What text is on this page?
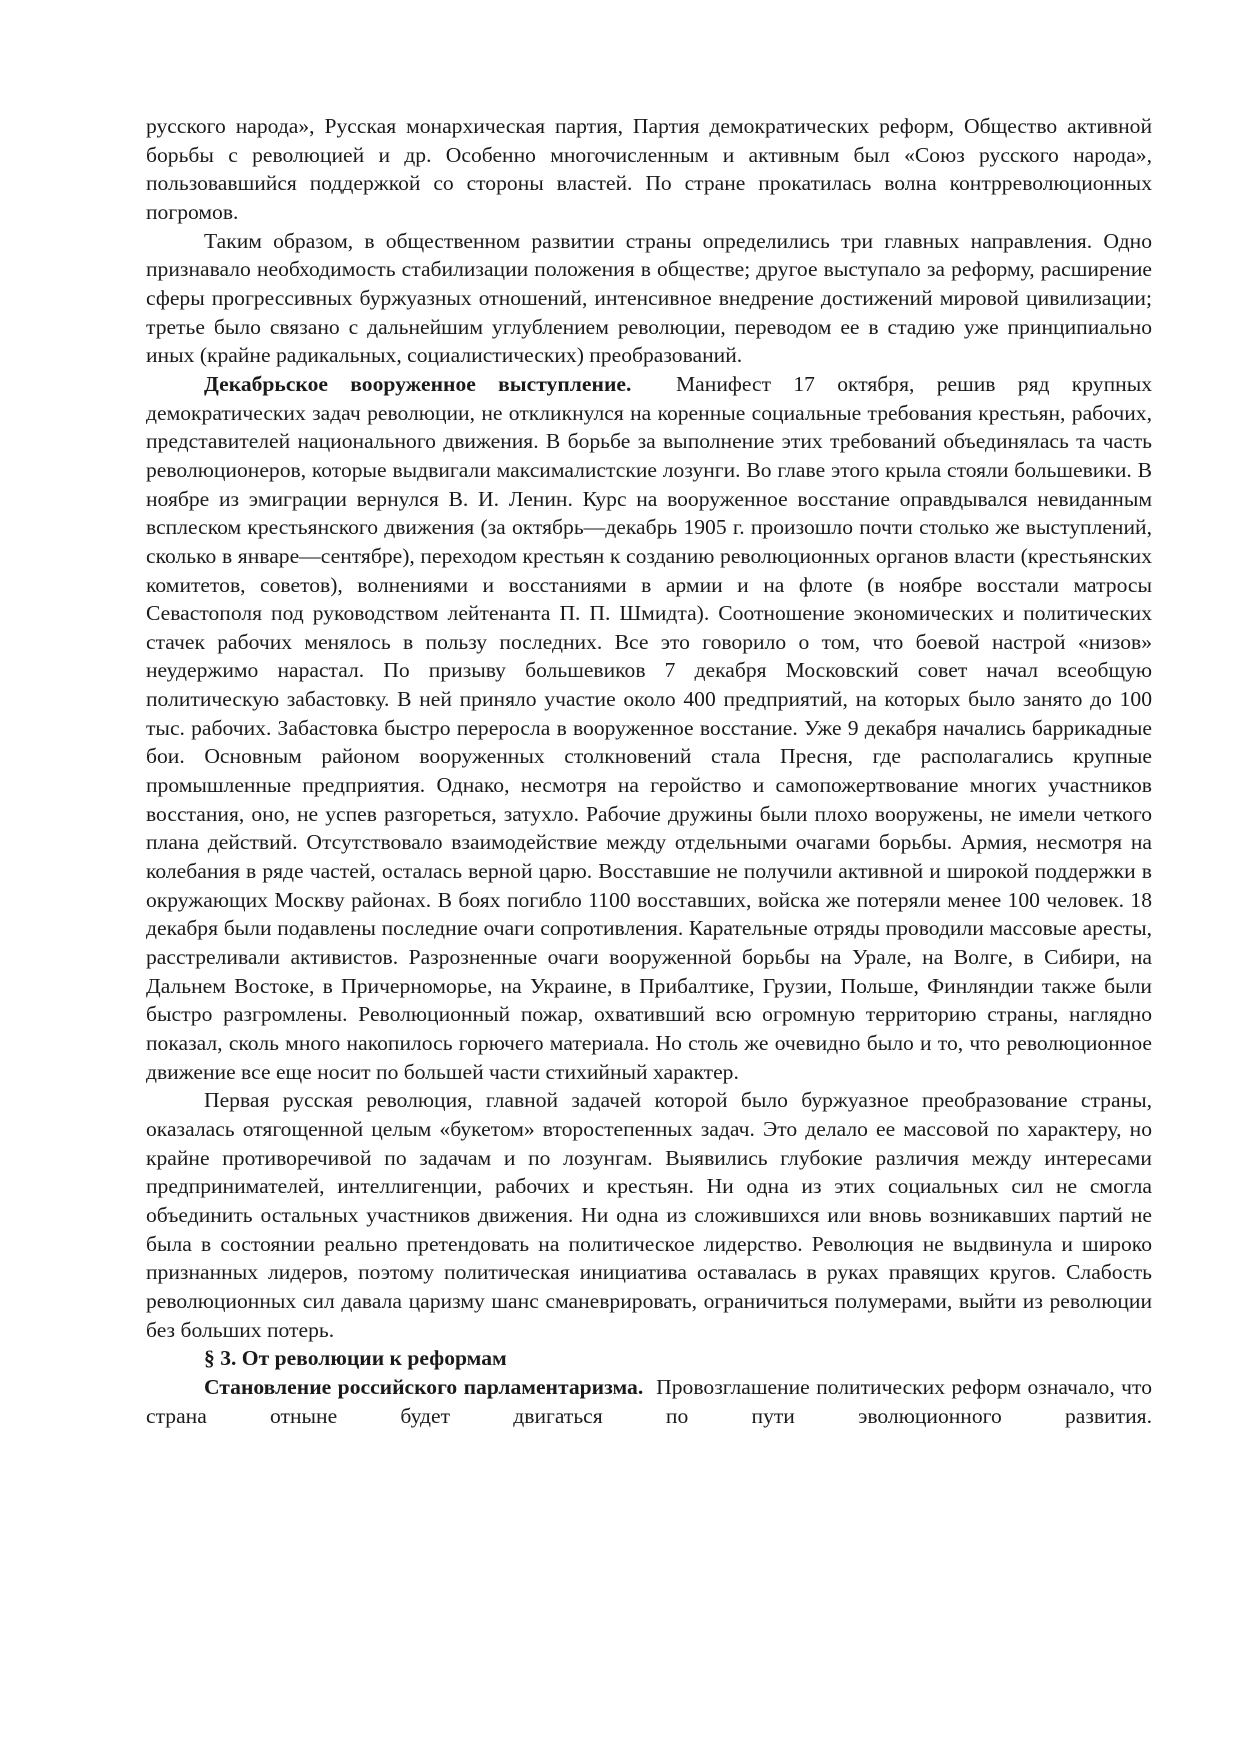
русского народа», Русская монархическая партия, Партия демократических реформ, Общество активной борьбы с революцией и др. Особенно многочисленным и активным был «Союз русского народа», пользовавшийся поддержкой со стороны властей. По стране прокатилась волна контрреволюционных погромов.

Таким образом, в общественном развитии страны определились три главных направления. Одно признавало необходимость стабилизации положения в обществе; другое выступало за реформу, расширение сферы прогрессивных буржуазных отношений, интенсивное внедрение достижений мировой цивилизации; третье было связано с дальнейшим углублением революции, переводом ее в стадию уже принципиально иных (крайне радикальных, социалистических) преобразований.

Декабрьское вооруженное выступление. Манифест 17 октября, решив ряд крупных демократических задач революции, не откликнулся на коренные социальные требования крестьян, рабочих, представителей национального движения. В борьбе за выполнение этих требований объединялась та часть революционеров, которые выдвигали максималистские лозунги. Во главе этого крыла стояли большевики. В ноябре из эмиграции вернулся В. И. Ленин. Курс на вооруженное восстание оправдывался невиданным всплеском крестьянского движения (за октябрь—декабрь 1905 г. произошло почти столько же выступлений, сколько в январе—сентябре), переходом крестьян к созданию революционных органов власти (крестьянских комитетов, советов), волнениями и восстаниями в армии и на флоте (в ноябре восстали матросы Севастополя под руководством лейтенанта П. П. Шмидта). Соотношение экономических и политических стачек рабочих менялось в пользу последних. Все это говорило о том, что боевой настрой «низов» неудержимо нарастал. По призыву большевиков 7 декабря Московский совет начал всеобщую политическую забастовку. В ней приняло участие около 400 предприятий, на которых было занято до 100 тыс. рабочих. Забастовка быстро переросла в вооруженное восстание. Уже 9 декабря начались баррикадные бои. Основным районом вооруженных столкновений стала Пресня, где располагались крупные промышленные предприятия. Однако, несмотря на геройство и самопожертвование многих участников восстания, оно, не успев разгореться, затухло. Рабочие дружины были плохо вооружены, не имели четкого плана действий. Отсутствовало взаимодействие между отдельными очагами борьбы. Армия, несмотря на колебания в ряде частей, осталась верной царю. Восставшие не получили активной и широкой поддержки в окружающих Москву районах. В боях погибло 1100 восставших, войска же потеряли менее 100 человек. 18 декабря были подавлены последние очаги сопротивления. Карательные отряды проводили массовые аресты, расстреливали активистов. Разрозненные очаги вооруженной борьбы на Урале, на Волге, в Сибири, на Дальнем Востоке, в Причерноморье, на Украине, в Прибалтике, Грузии, Польше, Финляндии также были быстро разгромлены. Революционный пожар, охвативший всю огромную территорию страны, наглядно показал, сколь много накопилось горючего материала. Но столь же очевидно было и то, что революционное движение все еще носит по большей части стихийный характер.

Первая русская революция, главной задачей которой было буржуазное преобразование страны, оказалась отягощенной целым «букетом» второстепенных задач. Это делало ее массовой по характеру, но крайне противоречивой по задачам и по лозунгам. Выявились глубокие различия между интересами предпринимателей, интеллигенции, рабочих и крестьян. Ни одна из этих социальных сил не смогла объединить остальных участников движения. Ни одна из сложившихся или вновь возникавших партий не была в состоянии реально претендовать на политическое лидерство. Революция не выдвинула и широко признанных лидеров, поэтому политическая инициатива оставалась в руках правящих кругов. Слабость революционных сил давала царизму шанс сманеврировать, ограничиться полумерами, выйти из революции без больших потерь.

§ 3. От революции к реформам

Становление российского парламентаризма. Провозглашение политических реформ означало, что страна отныне будет двигаться по пути эволюционного развития.
